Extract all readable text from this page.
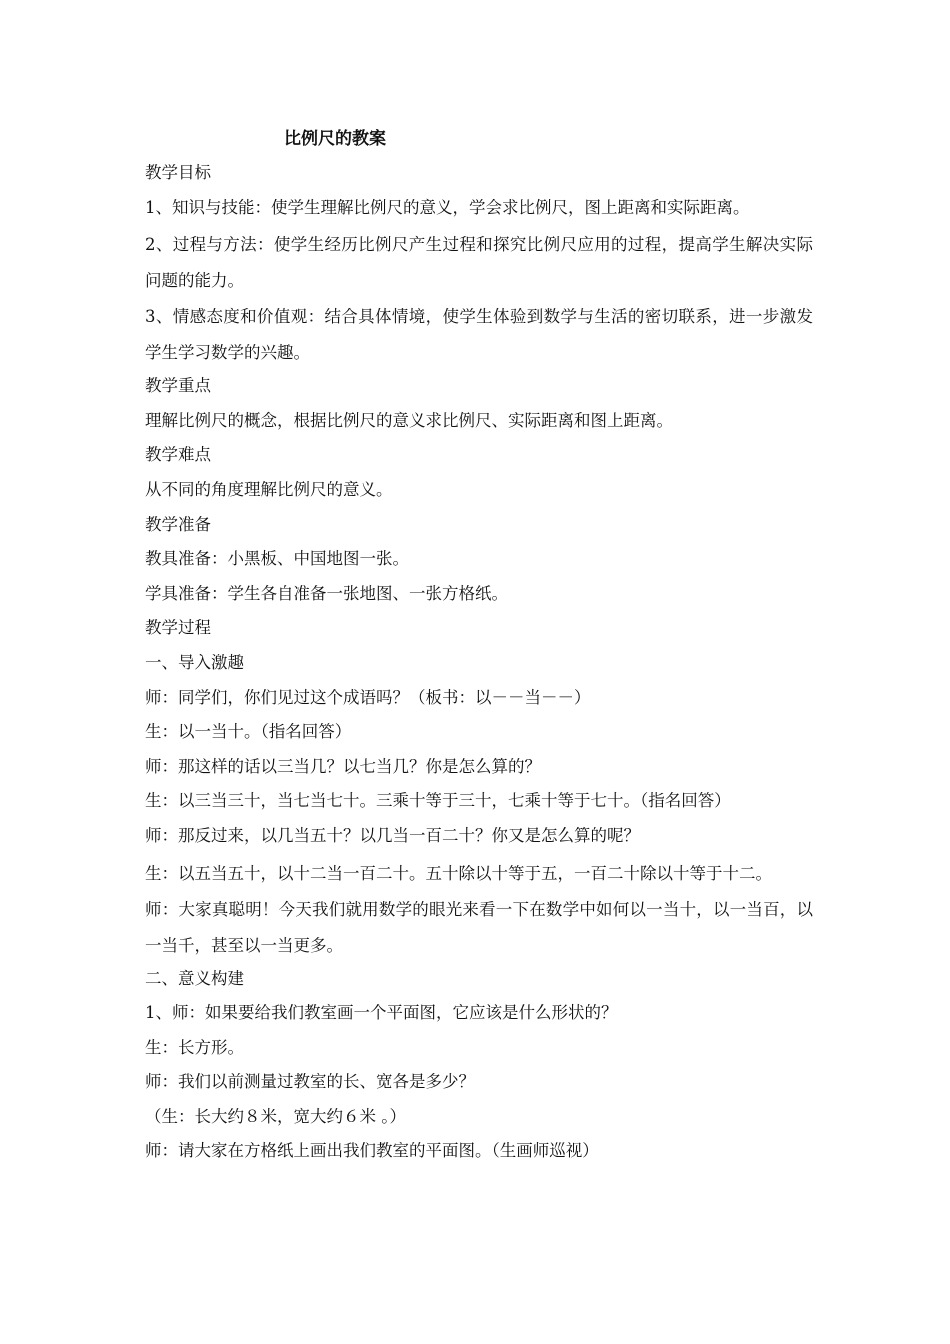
比例尺的教案

教学目标

1、知识与技能：使学生理解比例尺的意义，学会求比例尺，图上距离和实际距离。

2、过程与方法：使学生经历比例尺产生过程和探究比例尺应用的过程，提高学生解决实际问题的能力。

3、情感态度和价值观：结合具体情境，使学生体验到数学与生活的密切联系，进一步激发学生学习数学的兴趣。

教学重点

理解比例尺的概念，根据比例尺的意义求比例尺、实际距离和图上距离。

教学难点

从不同的角度理解比例尺的意义。

教学准备

教具准备：小黑板、中国地图一张。

学具准备：学生各自准备一张地图、一张方格纸。

教学过程

一、导入激趣

师：同学们，你们见过这个成语吗？（板书：以－－当－－）

生：以一当十。（指名回答）

师：那这样的话以三当几？以七当几？你是怎么算的？

生：以三当三十，当七当七十。三乘十等于三十，七乘十等于七十。（指名回答）

师：那反过来，以几当五十？以几当一百二十？你又是怎么算的呢？

生：以五当五十，以十二当一百二十。五十除以十等于五，一百二十除以十等于十二。

师：大家真聪明！今天我们就用数学的眼光来看一下在数学中如何以一当十，以一当百，以一当千，甚至以一当更多。

二、意义构建

1、师：如果要给我们教室画一个平面图，它应该是什么形状的？

生：长方形。

师：我们以前测量过教室的长、宽各是多少？

（生：长大约８米，宽大约６米 。）

师：请大家在方格纸上画出我们教室的平面图。（生画师巡视）
